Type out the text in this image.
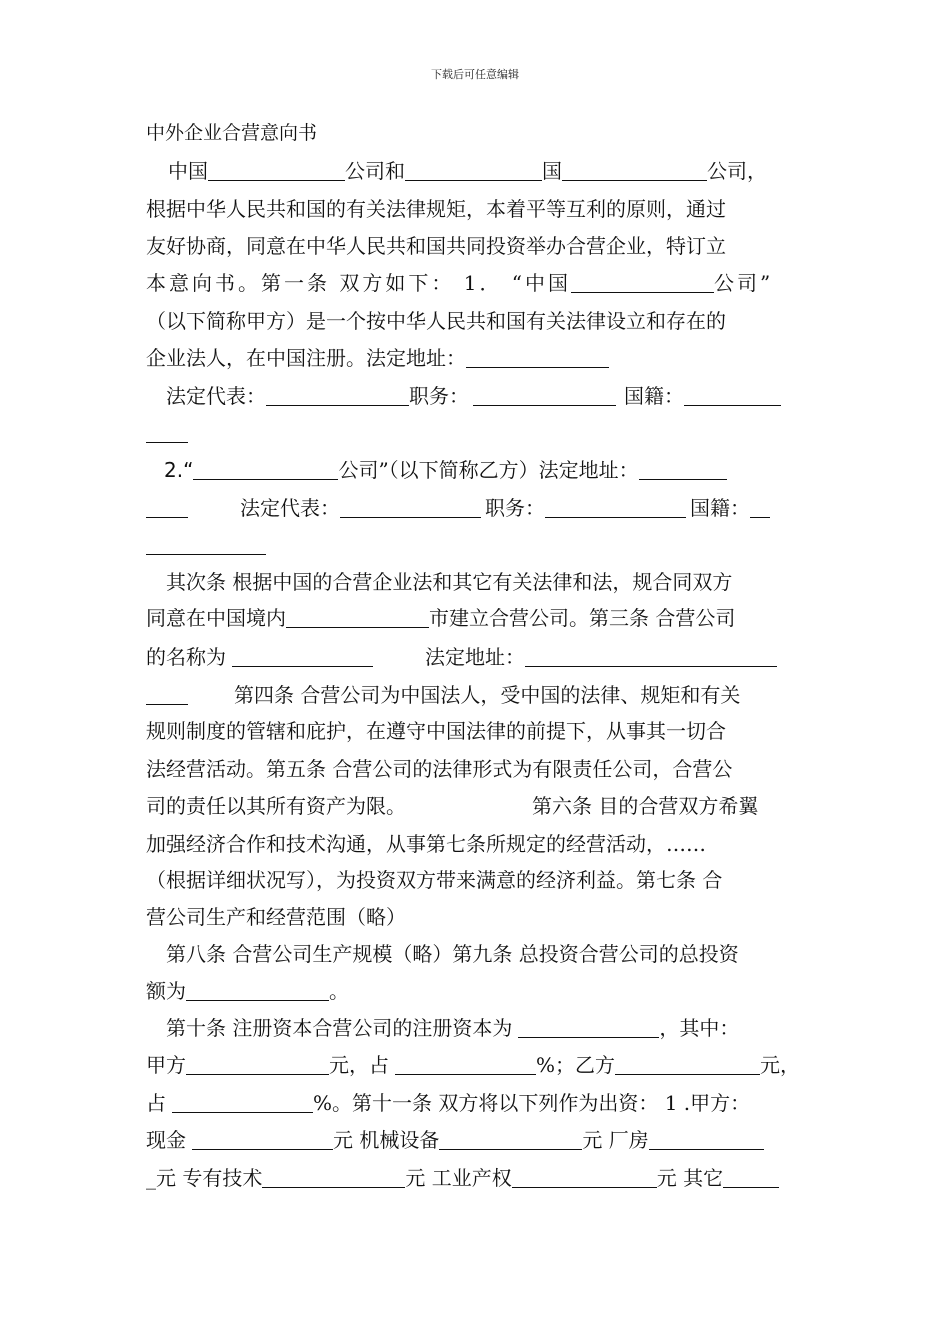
下载后可任意编辑
中外企业合营意向书
中国	公司和	国	公司，
根据中华人民共和国的有关法律规矩，本着平等互利的原则，通过
友好协商，同意在中华人民共和国共同投资举办合营企业，特订立
本意向书。第一条 双方如下： 1． “中国	公司”
（以下简称甲方）是一个按中华人民共和国有关法律设立和存在的
企业法人，在中国注册。法定地址：
法定代表：	职务：	国籍：
2.“	公司”（以下简称乙方）法定地址：
法定代表：	职务：	国籍：
其次条 根据中国的合营企业法和其它有关法律和法，规合同双方
同意在中国境内	市建立合营公司。第三条 合营公司
的名称为	法定地址：
第四条 合营公司为中国法人，受中国的法律、规矩和有关
规则制度的管辖和庇护，在遵守中国法律的前提下，从事其一切合
法经营活动。第五条 合营公司的法律形式为有限责任公司，合营公
司的责任以其所有资产为限。	第六条 目的合营双方希翼
加强经济合作和技术沟通，从事第七条所规定的经营活动，……
（根据详细状况写），为投资双方带来满意的经济利益。第七条 合
营公司生产和经营范围（略）
第八条 合营公司生产规模（略）第九条 总投资合营公司的总投资
额为	。
第十条 注册资本合营公司的注册资本为	，其中：
甲方	元，占	%；乙方	元，
占	%。第十一条 双方将以下列作为出资： 1 .甲方：
现金	元 机械设备	元 厂房
_元 专有技术	元 工业产权	元 其它
